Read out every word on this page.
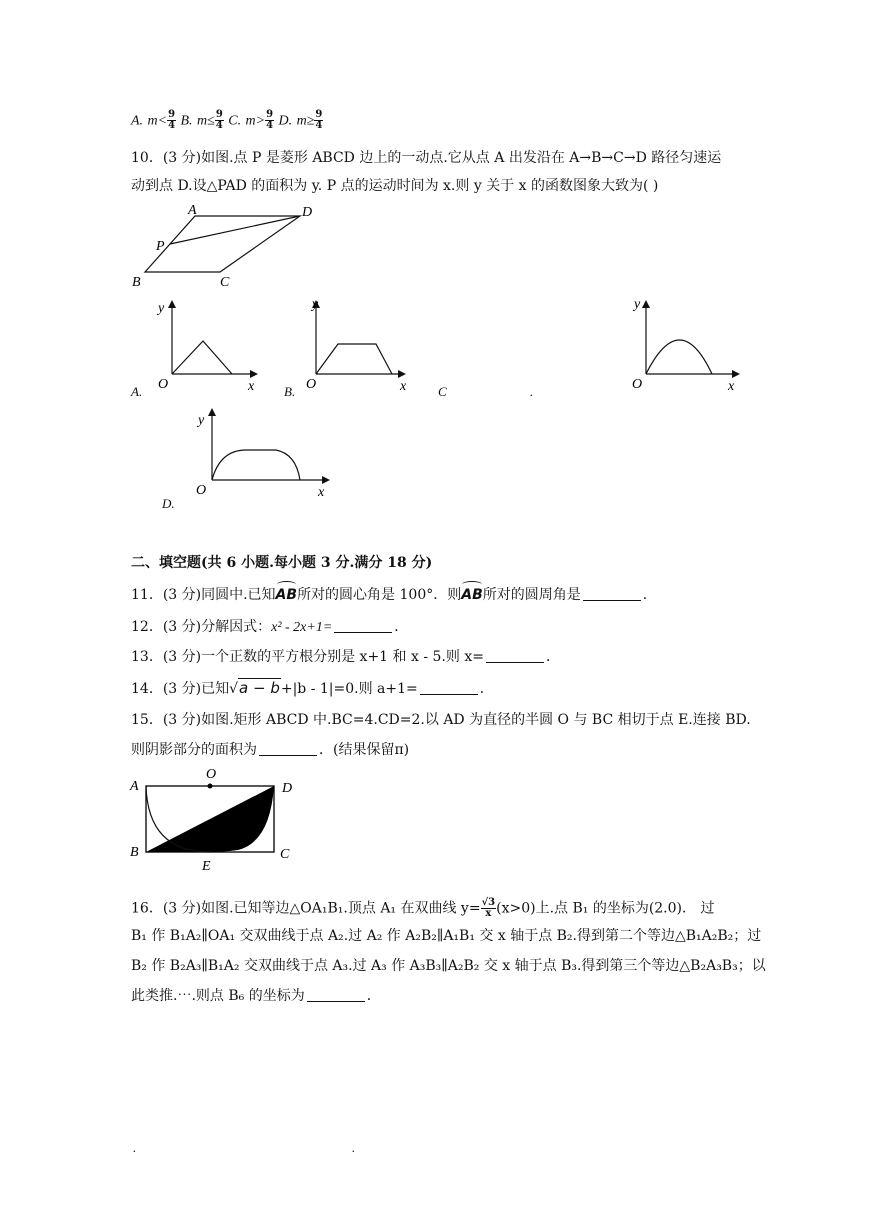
A. $m< \frac{9}{4} B$. $m\le \frac{9}{4} C$. $m> \frac{9}{4} D$. $m\ge \frac{9}{4}$
10．(3 分)如图.点 P 是菱形 ABCD 边上的一动点.它从点 A 出发沿在 A→B→C→D 路径匀速运
动到点 D.设△PAD 的面积为 y. P 点的运动时间为 x.则 y 关于 x 的函数图象大致为( )
A	D
P
B	C
y
x
O
A.
y
x
O
B.	C	.
y
x
O
y
x
O
D.
二、填空题(共 6 小题.每小题 3 分.满分 18 分)
11．(3 分)同圆中.已知AB所对的圆心角是 100°．则AB所对的圆周角是	．
12．(3 分)分解因式：x² - 2x+1=	．
13．(3 分)一个正数的平方根分别是 x+1 和 x - 5.则 x=	．
14．(3 分)已知√a − b+|b - 1|=0.则 a+1=	．
15．(3 分)如图.矩形 ABCD 中.BC=4.CD=2.以 AD 为直径的半圆 O 与 BC 相切于点 E.连接 BD.
则阴影部分的面积为	．(结果保留π)
A
O
D
B	C
E
16．(3 分)如图.已知等边△OA₁B₁.顶点 A₁ 在双曲线 $y= \frac{√3}{x} (x>0)$上.点 B₁ 的坐标为(2.0)． 过
B₁ 作 B₁A₂∥OA₁ 交双曲线于点 A₂.过 A₂ 作 A₂B₂∥A₁B₁ 交 x 轴于点 B₂.得到第二个等边△B₁A₂B₂；过
B₂ 作 B₂A₃∥B₁A₂ 交双曲线于点 A₃.过 A₃ 作 A₃B₃∥A₂B₂ 交 x 轴于点 B₃.得到第三个等边△B₂A₃B₃；以
此类推.⋯.则点 B₆ 的坐标为	．
.	.
